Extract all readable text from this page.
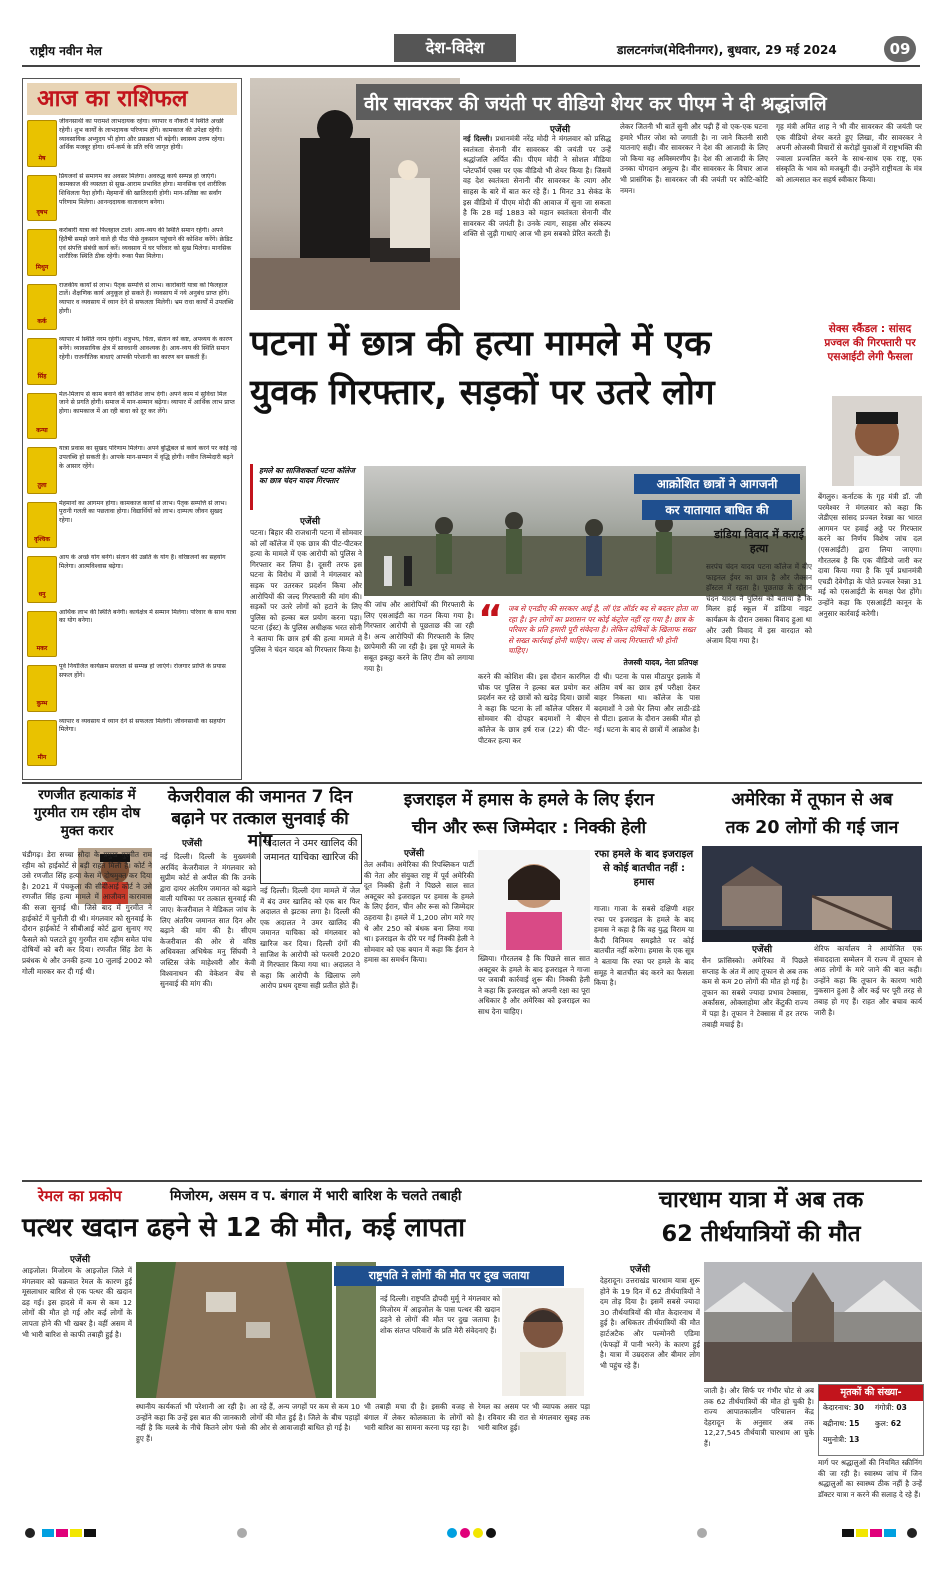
राष्ट्रीय नवीन मेल	देश-विदेश	डालटनगंज(मेदिनीनगर), बुधवार, 29 मई 2024	09
आज का राशिफल
मेष
जीवनसाथी का परामर्श लाभदायक रहेगा। व्यापार व नौकरी में स्थिति अच्छी रहेगी। शुभ कार्यों के लाभदायक परिणाम होंगे। कामकाज की उपेक्षा रहेगी। व्यावसायिक अभ्युदय भी होगा और प्रसन्नता भी बढ़ेगी। स्वास्थ्य उत्तम रहेगा। अर्थिक मजबूर होगा। धर्म-कर्म के प्रति रुचि जागृत होगी।
वृषभ
प्रियजनों से समागम का अवसर मिलेगा। अवरुद्ध कार्य सम्पन्न हो जाएंगे। कामकाज की व्यस्तता से सुख-आराम प्रभावित होगा। मानसिक एवं शारीरिक शिथिलता पैदा होगी। मेहमानों की खातिरदारी होगी। मान-प्रतिष्ठा का सर्वांग परिणाम मिलेगा। आनन्ददायक वातावरण बनेगा।
मिथुन
करोबारी यात्रा को फिलहाल टालें। आय-व्यय की स्थिति समान रहेगी। अपने हितैषी समझे जाने वाले ही पीठ पीछे नुकसान पहुंचाने की कोशिश करेंगे। क्रेडिट एवं संपत्ति संबंधी कार्य करें। व्यवसाय में घर परिवार को सुख मिलेगा। मानसिक शारीरिक स्थिति ठीक रहेगी। रूका पैसा मिलेगा।
कर्क
राजकीय कार्यों से लाभ। पैतृक सम्पत्ति से लाभ। कारोबारी यात्रा को फिलहाल टालें। शैक्षणिक कार्य अनुकूल हो सकते हैं। व्यवसाय में नये अनुबंध प्राप्त होंगे। व्यापार व व्यवसाय में ध्यान देने से सफलता मिलेगी। भ्रम राधा कार्यों में उपलब्धि होगी।
सिंह
व्यापार में स्थिति नरम रहेगी। शत्रुभय, चिंता, संतान को कष्ट, अपव्यय के कारण बनेंगे। व्यावसायिक क्षेत्र में सावधानी आवश्यक है। आय-व्यय की स्थिति समान रहेगी। राजनीतिक बाधाएं आपकी परेशानी का कारण बन सकती हैं।
कन्या
मेल-मिलाप से काम बनाने की कोशिश लाभ देगी। अपने काम में सुविधा मिल जाने से प्रगति होगी। समाज में मान-सम्मान बढ़ेगा। व्यापार में आर्थिक लाभ प्राप्त होगा। कामकाज में आ रही बाधा को दूर कर लेंगे।
तुला
यात्रा प्रवास का सुखद परिणाम मिलेगा। अपने बुद्धिबल से कार्य करने पर कोई नई उपलब्धि हो सकती है। आपके मान-सम्मान में वृद्धि होगी। नवीन जिम्मेदारी बढ़ने के आसार रहेंगे।
वृश्चिक
मेहमानों का आगमन होगा। कामकाज कार्यों से लाभ। पैतृक सम्पत्ति से लाभ। पुरानी गलती का पछतावा होगा। विद्यार्थियों को लाभ। दाम्पत्य जीवन सुखद रहेगा।
धनु
आय के अच्छे योग बनेंगे। संतान की उन्नति के योग हैं। वरिष्ठजनों का सहयोग मिलेगा। आत्मविश्वास बढ़ेगा।
मकर
आर्थिक लाभ की स्थिति बनेगी। कार्यक्षेत्र में सम्मान मिलेगा। परिवार के साथ यात्रा का योग बनेगा।
कुम्भ
पूर्व नियोजित कार्यक्रम सरलता से सम्पन्न हो जाएंगे। रोजगार प्राप्ति के प्रयास सफल होंगे।
मीन
व्यापार व व्यवसाय में ध्यान देने से सफलता मिलेगी। जीवनसाथी का सहयोग मिलेगा।
वीर सावरकर की जयंती पर वीडियो शेयर कर पीएम ने दी श्रद्धांजलि
एजेंसी
नई दिल्ली। प्रधानमंत्री नरेंद्र मोदी ने मंगलवार को प्रसिद्ध स्वतंत्रता सेनानी वीर सावरकर की जयंती पर उन्हें श्रद्धांजलि अर्पित की। पीएम मोदी ने सोशल मीडिया प्लेटफॉर्म एक्स पर एक वीडियो भी शेयर किया है। जिसमें वह देश स्वतंत्रता सेनानी वीर सावरकर के त्याग और साहस के बारे में बात कर रहे हैं। 1 मिनट 31 सेकंड के इस वीडियो में पीएम मोदी की आवाज में सुना जा सकता है कि 28 मई 1883 को महान स्वतंत्रता सेनानी वीर सावरकर की जयंती है। उनके त्याग, साहस और संकल्प शक्ति से जुड़ी गाथाएं आज भी हम सबको प्रेरित करती हैं।
लेकर जितनी भी बातें सुनी और पढ़ी हैं वो एक-एक घटना हमारे भीतर जोश को जगाती है। ना जाने कितनी सारी यातनाएं सही। वीर सावरकर ने देश की आजादी के लिए जो किया वह अविस्मरणीय है। देश की आजादी के लिए उनका योगदान अमूल्य है। वीर सावरकर के विचार आज भी प्रासंगिक हैं। सावरकर जी की जयंती पर कोटि-कोटि नमन।
गृह मंत्री अमित शाह ने भी वीर सावरकर की जयंती पर एक वीडियो शेयर करते हुए लिखा, वीर सावरकर ने अपनी ओजस्वी विचारों से करोड़ों युवाओं में राष्ट्रभक्ति की ज्वाला प्रज्वलित करने के साथ-साथ एक राष्ट्र, एक संस्कृति के भाव को मजबूती दी। उन्होंने राष्ट्रीयता के मंत्र को आत्मसात कर सहर्ष स्वीकार किया।
पटना में छात्र की हत्या मामले में एक
युवक गिरफ्तार, सड़कों पर उतरे लोग
हमले का साजिशकर्ता पटना कॉलेज का छात्र चंदन यादव गिरफ्तार
एजेंसी
पटना। बिहार की राजधानी पटना में सोमवार को लॉ कॉलेज में एक छात्र की पीट-पीटकर हत्या के मामले में एक आरोपी को पुलिस ने गिरफ्तार कर लिया है। दूसरी तरफ इस घटना के विरोध में छात्रों ने मंगलवार को सड़क पर उतरकर प्रदर्शन किया और आरोपियों की जल्द गिरफ्तारी की मांग की। सड़कों पर उतरे लोगों को हटाने के लिए पुलिस को हल्का बल प्रयोग करना पड़ा। पटना (ईस्ट) के पुलिस अधीक्षक भरत सोनी ने बताया कि छात्र हर्ष की हत्या मामले में पुलिस ने चंदन यादव को गिरफ्तार किया है।
आक्रोशित छात्रों ने आगजनी
कर यातायात बाधित की
“ जब से एनडीए की सरकार आई है, लॉ एंड ऑर्डर बद से बदतर होता जा रहा है। इन लोगों का प्रशासन पर कोई कंट्रोल नहीं रह गया है। छात्र के परिवार के प्रति हमारी पूरी संवेदना है। लेकिन दोषियों के खिलाफ सख्त से सख्त कार्रवाई होनी चाहिए। जल्द से जल्द गिरफ्तारी भी होनी चाहिए।
तेजस्वी यादव, नेता प्रतिपक्ष
की जांच और आरोपियों की गिरफ्तारी के लिए एसआईटी का गठन किया गया है। गिरफ्तार आरोपी से पूछताछ की जा रही है। अन्य आरोपियों की गिरफ्तारी के लिए छापेमारी की जा रही है। इस पूरे मामले के सबूत इकट्ठा करने के लिए टीम को लगाया गया है।
करने की कोशिश की। इस दौरान कारगिल चौक पर पुलिस ने हल्का बल प्रयोग कर प्रदर्शन कर रहे छात्रों को खदेड़ दिया। छात्रों ने कहा कि पटना के लॉ कॉलेज परिसर में सोमवार की दोपहर बदमाशों ने बीएन कॉलेज के छात्र हर्ष राज (22) की पीट-पीटकर हत्या कर
दी थी। पटना के पास मीठापुर इलाके में अंतिम वर्ष का छात्र हर्ष परीक्षा देकर बाहर निकला था। कॉलेज के पास बदमाशों ने उसे घेर लिया और लाठी-डंडे से पीटा। इलाज के दौरान उसकी मौत हो गई। घटना के बाद से छात्रों में आक्रोश है।
डांडिया विवाद में कराई हत्या
सरपंच चंदन यादव पटना कॉलेज में बीए फाइनल ईयर का छात्र है और जैक्सन हॉस्टल में रहता है। पूछताछ के दौरान चंदन यादव ने पुलिस को बताया है कि मिलर हाई स्कूल में डांडिया नाइट कार्यक्रम के दौरान उसका विवाद हुआ था और उसी विवाद में इस वारदात को अंजाम दिया गया है।
सेक्स स्कैंडल : सांसद प्रज्वल की गिरफ्तारी पर एसआईटी लेगी फैसला
बेंगलुरु। कर्नाटक के गृह मंत्री डॉ. जी परमेश्वर ने मंगलवार को कहा कि जेडीएस सांसद प्रज्वल रेवन्ना का भारत आगमन पर हवाई अड्डे पर गिरफ्तार करने का निर्णय विशेष जांच दल (एसआईटी) द्वारा लिया जाएगा। गौरतलब है कि एक वीडियो जारी कर दावा किया गया है कि पूर्व प्रधानमंत्री एचडी देवेगौड़ा के पोते प्रज्वल रेवन्ना 31 मई को एसआईटी के समक्ष पेश होंगे। उन्होंने कहा कि एसआईटी कानून के अनुसार कार्रवाई करेगी।
रणजीत हत्याकांड में गुरमीत राम रहीम दोष मुक्त करार
चंडीगढ़। डेरा सच्चा सौदा के प्रमुख गुरमीत राम रहीम को हाईकोर्ट से बड़ी राहत मिली है। कोर्ट ने उसे रणजीत सिंह हत्या केस में दोषमुक्त कर दिया है। 2021 में पंचकूला की सीबीआई कोर्ट ने उसे रणजीत सिंह हत्या मामले में आजीवन कारावास की सजा सुनाई थी। जिसे बाद में गुरमीत ने हाईकोर्ट में चुनौती दी थी। मंगलवार को सुनवाई के दौरान हाईकोर्ट ने सीबीआई कोर्ट द्वारा सुनाए गए फैसले को पलटते हुए गुरमीत राम रहीम समेत पांच दोषियों को बरी कर दिया। रणजीत सिंह डेरा के प्रबंधक थे और उनकी हत्या 10 जुलाई 2002 को गोली मारकर कर दी गई थी।
केजरीवाल की जमानत 7 दिन बढ़ाने पर तत्काल सुनवाई की मांग
एजेंसी
नई दिल्ली। दिल्ली के मुख्यमंत्री अरविंद केजरीवाल ने मंगलवार को सुप्रीम कोर्ट से अपील की कि उनके द्वारा दायर अंतरिम जमानत को बढ़ाने वाली याचिका पर तत्काल सुनवाई की जाए। केजरीवाल ने मेडिकल जांच के लिए अंतरिम जमानत सात दिन और बढ़ाने की मांग की है। सीएम केजरीवाल की ओर से वरिष्ठ अधिवक्ता अभिषेक मनु सिंघवी ने जस्टिस जेके माहेश्वरी और केवी विश्वनाथन की वेकेशन बेंच से सुनवाई की मांग की।
अदालत ने उमर खालिद की जमानत याचिका खारिज की
नई दिल्ली। दिल्ली दंगा मामले में जेल में बंद उमर खालिद को एक बार फिर अदालत से झटका लगा है। दिल्ली की एक अदालत ने उमर खालिद की जमानत याचिका को मंगलवार को खारिज कर दिया। दिल्ली दंगों की साजिश के आरोपी को फरवरी 2020 में गिरफ्तार किया गया था। अदालत ने कहा कि आरोपी के खिलाफ लगे आरोप प्रथम दृष्टया सही प्रतीत होते हैं।
इजराइल में हमास के हमले के लिए ईरान
चीन और रूस जिम्मेदार : निक्की हेली
एजेंसी
तेल अवीव। अमेरिका की रिपब्लिकन पार्टी की नेता और संयुक्त राष्ट्र में पूर्व अमेरिकी दूत निक्की हेली ने पिछले साल सात अक्टूबर को इजराइल पर हमास के हमले के लिए ईरान, चीन और रूस को जिम्मेदार ठहराया है। हमले में 1,200 लोग मारे गए थे और 250 को बंधक बना लिया गया था। इजराइल के दौरे पर गईं निक्की हेली ने सोमवार को एक बयान में कहा कि ईरान ने हमास का समर्थन किया।	ख्विया। गौरतलब है कि पिछले साल सात अक्टूबर के हमले के बाद इजराइल ने गाजा पर जवाबी कार्रवाई शुरू की। निक्की हेली ने कहा कि इजराइल को अपनी रक्षा का पूरा अधिकार है और अमेरिका को इजराइल का साथ देना चाहिए।
रफा हमले के बाद इजराइल से कोई बातचीत नहीं : हमास
गाजा। गाजा के सबसे दक्षिणी शहर रफा पर इजराइल के हमले के बाद हमास ने कहा है कि वह युद्ध विराम या कैदी विनिमय समझौते पर कोई बातचीत नहीं करेगा। हमास के एक सूत्र ने बताया कि रफा पर हमले के बाद समूह ने बातचीत बंद करने का फैसला किया है।
अमेरिका में तूफान से अब
तक 20 लोगों की गई जान
एजेंसी
सैन फ्रांसिस्को। अमेरिका में पिछले सप्ताह के अंत में आए तूफान से अब तक कम से कम 20 लोगों की मौत हो गई है। तूफान का सबसे ज्यादा प्रभाव टेक्सास, अर्कांसस, ओक्लाहोमा और केंटुकी राज्य में पड़ा है। तूफान ने टेक्सास में हर तरफ तबाही मचाई है।
शेरिफ कार्यालय ने आयोजित एक संवाददाता सम्मेलन में राज्य में तूफान से आठ लोगों के मारे जाने की बात कही। उन्होंने कहा कि तूफान के कारण भारी नुकसान हुआ है और कई घर पूरी तरह से तबाह हो गए हैं। राहत और बचाव कार्य जारी है।
रेमल का प्रकोप	मिजोरम, असम व प. बंगाल में भारी बारिश के चलते तबाही
पत्थर खदान ढहने से 12 की मौत, कई लापता
एजेंसी
आइजोल। मिजोरम के आइजोल जिले में मंगलवार को चक्रवात रेमल के कारण हुई मूसलाधार बारिश से एक पत्थर की खदान ढह गई। इस हादसे में कम से कम 12 लोगों की मौत हो गई और कई लोगों के लापता होने की भी खबर है। वहीं असम में भी भारी बारिश से काफी तबाही हुई है।
राष्ट्रपति ने लोगों की मौत पर दुख जताया
नई दिल्ली। राष्ट्रपति द्रौपदी मुर्मू ने मंगलवार को मिजोरम में आइजोल के पास पत्थर की खदान ढहने से लोगों की मौत पर दुख जताया है। शोक संतप्त परिवारों के प्रति मेरी संवेदनाएं हैं।
स्थानीय कार्यकर्ता भी परेशानी आ रही है। उन्होंने कहा कि उन्हें इस बात की जानकारी नहीं है कि मलबे के नीचे कितने लोग फंसे हुए हैं।
आ रहे हैं, अन्य जगहों पर कम से कम 10 लोगों की मौत हुई है। जिले के बीच पहाड़ों की ओर से आवाजाही बाधित हो गई है।
भी तबाही मचा दी है। इसकी वजह से बंगाल में लेकर कोलकाता के लोगों को भारी बारिश का सामना करना पड़ रहा है।
रेमल का असम पर भी व्यापक असर पड़ा है। रविवार की रात से मंगलवार सुबह तक भारी बारिश हुई।
चारधाम यात्रा में अब तक
62 तीर्थयात्रियों की मौत
एजेंसी
देहरादून। उत्तराखंड चारधाम यात्रा शुरू होने के 19 दिन में 62 तीर्थयात्रियों ने दम तोड़ दिया है। इसमें सबसे ज्यादा 30 तीर्थयात्रियों की मौत केदारनाथ में हुई है। अधिकतर तीर्थयात्रियों की मौत हार्टअटैक और पल्मोनरी एडिमा (फेफड़ों में पानी भरने) के कारण हुई है। यात्रा में उम्रदराज और बीमार लोग भी पहुंच रहे हैं।
जाती है। और सिर्फ पर गंभीर चोट से अब तक 62 तीर्थयात्रियों की मौत हो चुकी है। राज्य आपातकालीन परिचालन केंद्र देहरादून के अनुसार अब तक 12,27,545 तीर्थयात्री चारधाम आ चुके हैं।
मृतकों की संख्या-
केदारनाथ: 30	गंगोत्री: 03
बद्रीनाथ: 15	कुल: 62
यमुनोत्री: 13
मार्ग पर श्रद्धालुओं की नियमित स्क्रीनिंग की जा रही है। स्वास्थ्य जांच में जिन श्रद्धालुओं का स्वास्थ्य ठीक नहीं है उन्हें डॉक्टर यात्रा न करने की सलाह दे रहे हैं।
